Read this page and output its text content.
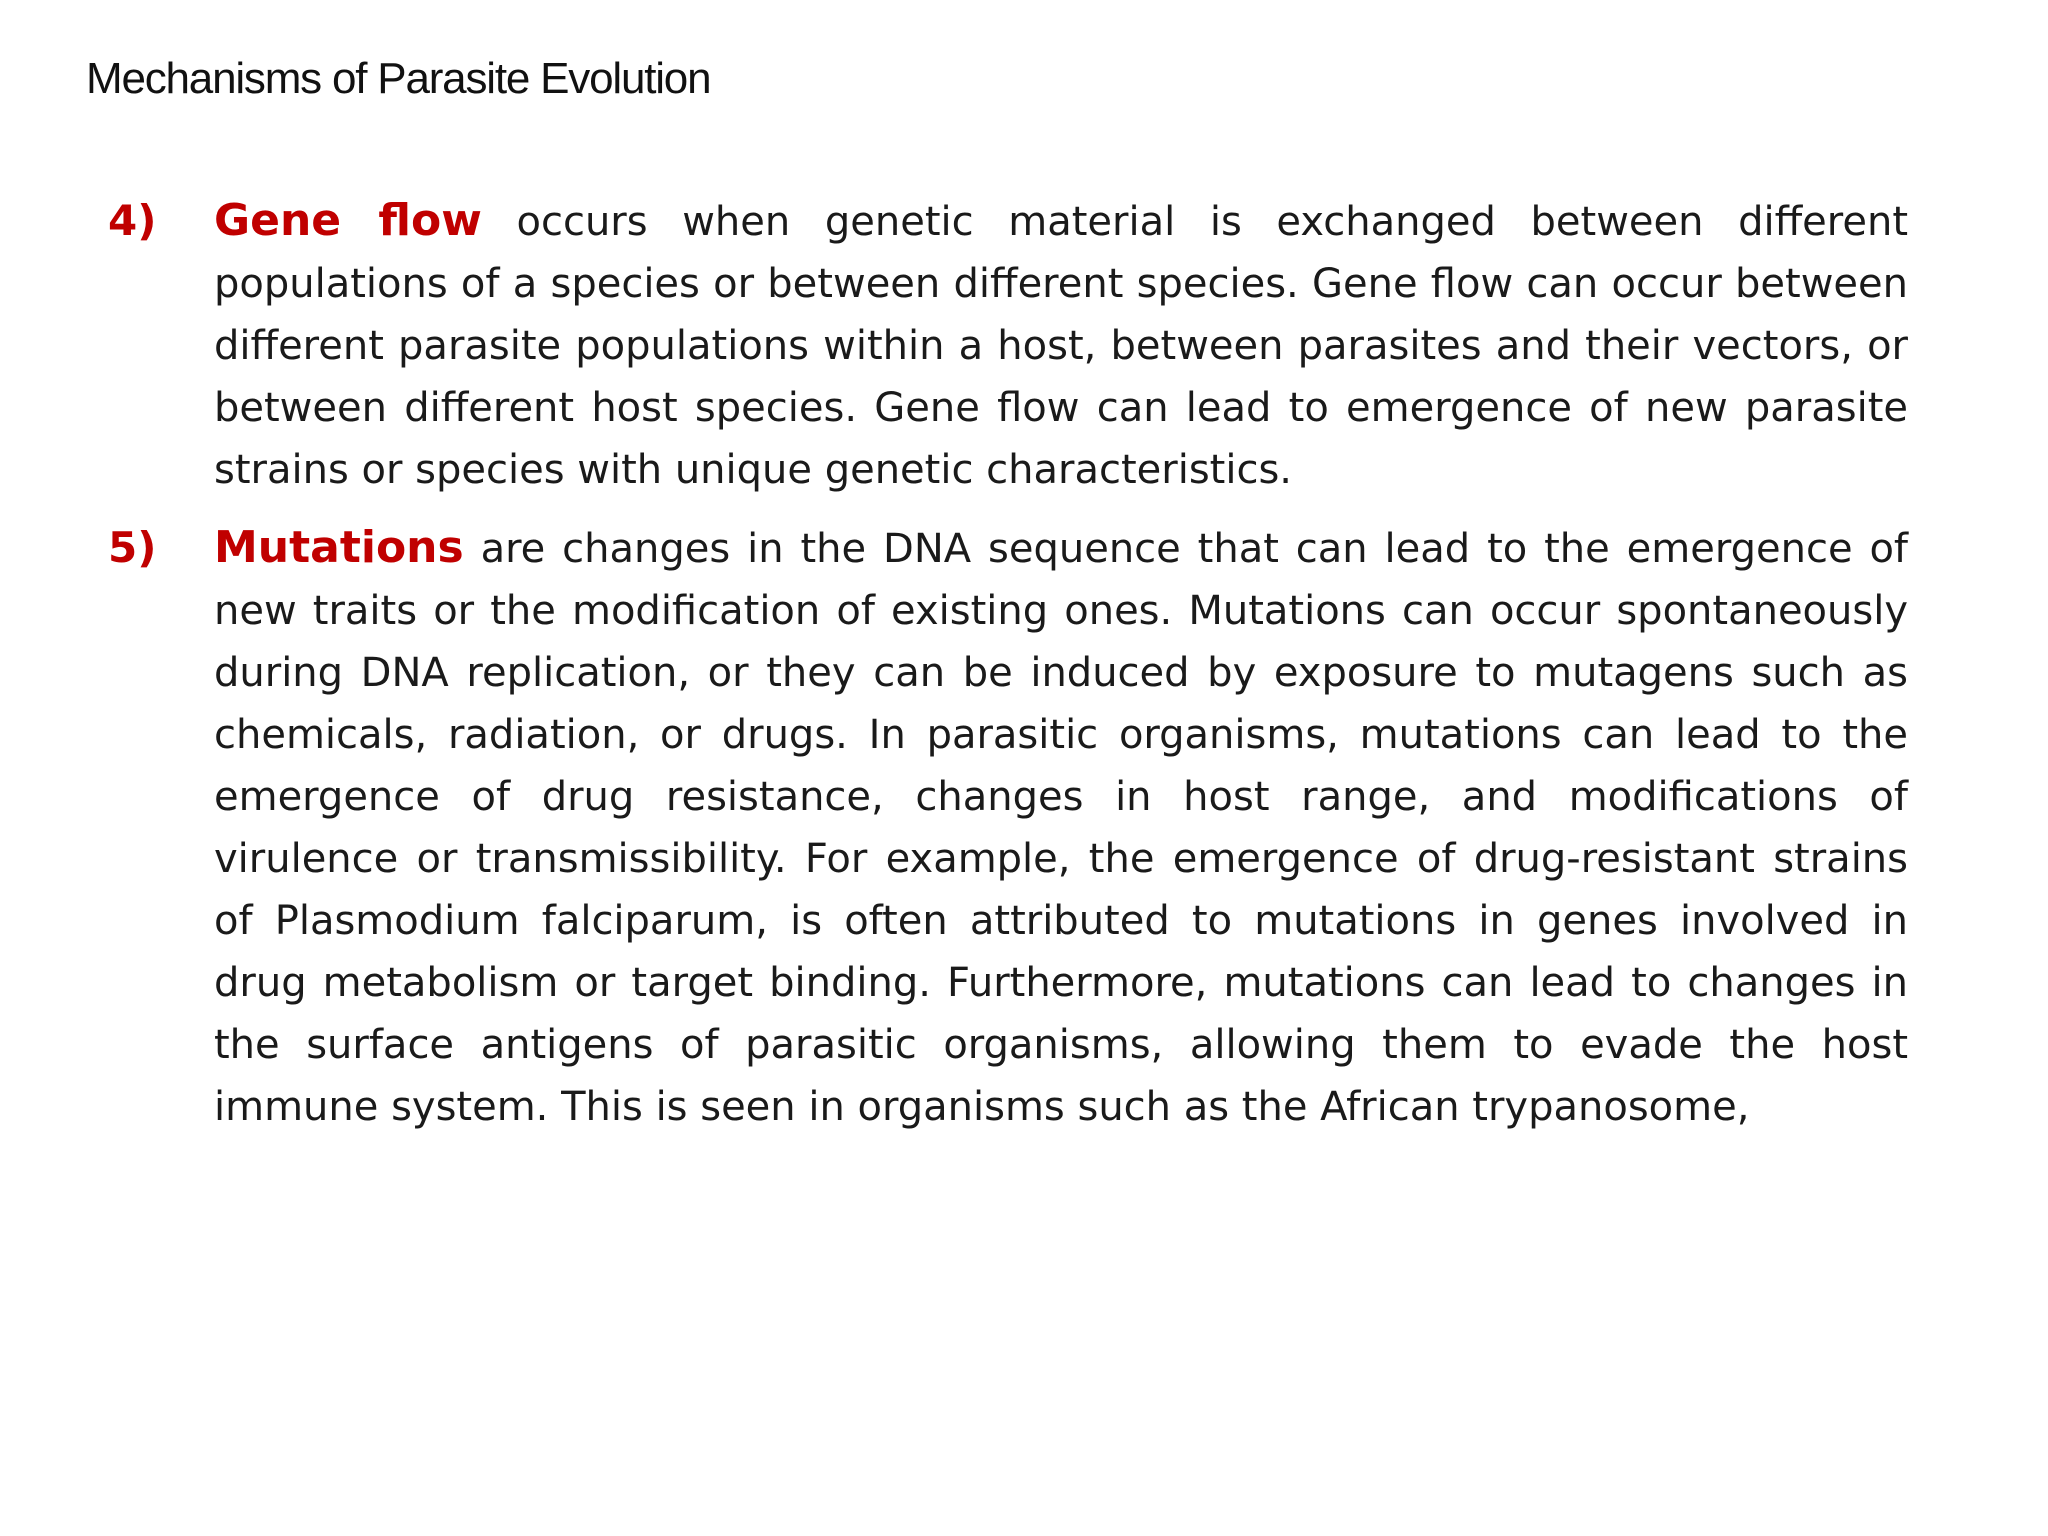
Mechanisms of Parasite Evolution
4)	Gene flow occurs when genetic material is exchanged between different populations of a species or between different species. Gene flow can occur between different parasite populations within a host, between parasites and their vectors, or between different host species. Gene flow can lead to emergence of new parasite strains or species with unique genetic characteristics.
5)	Mutations are changes in the DNA sequence that can lead to the emergence of new traits or the modification of existing ones. Mutations can occur spontaneously during DNA replication, or they can be induced by exposure to mutagens such as chemicals, radiation, or drugs. In parasitic organisms, mutations can lead to the emergence of drug resistance, changes in host range, and modifications of virulence or transmissibility. For example, the emergence of drug-resistant strains of Plasmodium falciparum, is often attributed to mutations in genes involved in drug metabolism or target binding. Furthermore, mutations can lead to changes in the surface antigens of parasitic organisms, allowing them to evade the host immune system. This is seen in organisms such as the African trypanosome,
